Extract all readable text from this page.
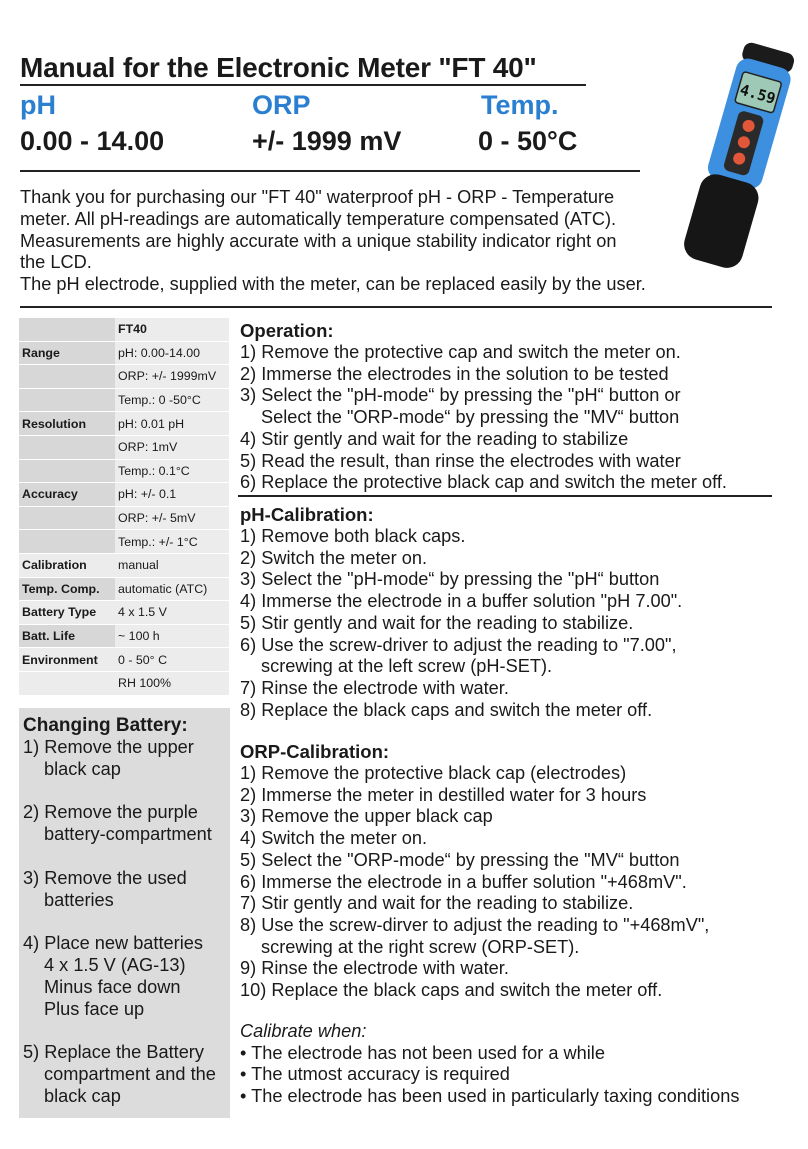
Manual for the Electronic Meter "FT 40"
pH	ORP	Temp.
0.00 - 14.00	+/- 1999 mV	0 - 50°C
4.59

Thank you for purchasing our "FT 40" waterproof pH - ORP - Temperature

meter. All pH-readings are automatically temperature compensated (ATC).

Measurements are highly accurate with a unique stability indicator right on

the LCD.

The pH electrode, supplied with the meter, can be replaced easily by the user.

	FT40
Range	pH: 0.00-14.00
	ORP: +/- 1999mV
	Temp.: 0 -50°C
Resolution	pH: 0.01 pH
	ORP: 1mV
	Temp.: 0.1°C
Accuracy	pH: +/- 0.1
	ORP: +/- 5mV
	Temp.: +/- 1°C
Calibration	manual
Temp. Comp.	automatic (ATC)
Battery Type	4 x 1.5 V
Batt. Life	~ 100 h
Environment	0 - 50° C
	RH 100%
Changing Battery:
1) Remove the upper
black cap
2) Remove the purple
battery-compartment
3) Remove the used
batteries
4) Place new batteries
4 x 1.5 V (AG-13)
Minus face down
Plus face up
5) Replace the Battery
compartment and the
black cap
Operation:
1) Remove the protective cap and switch the meter on.
2) Immerse the electrodes in the solution to be tested
3) Select the "pH-mode“ by pressing the "pH“ button or
Select the "ORP-mode“ by pressing the "MV“ button
4) Stir gently and wait for the reading to stabilize
5) Read the result, than rinse the electrodes with water
6) Replace the protective black cap and switch the meter off.
pH-Calibration:
1) Remove both black caps.
2) Switch the meter on.
3) Select the "pH-mode“ by pressing the "pH“ button
4) Immerse the electrode in a buffer solution "pH 7.00".
5) Stir gently and wait for the reading to stabilize.
6) Use the screw-driver to adjust the reading to "7.00",
screwing at the left screw (pH-SET).
7) Rinse the electrode with water.
8) Replace the black caps and switch the meter off.
ORP-Calibration:
1) Remove the protective black cap (electrodes)
2) Immerse the meter in destilled water for 3 hours
3) Remove the upper black cap
4) Switch the meter on.
5) Select the "ORP-mode“ by pressing the "MV“ button
6) Immerse the electrode in a buffer solution "+468mV".
7) Stir gently and wait for the reading to stabilize.
8) Use the screw-dirver to adjust the reading to "+468mV",
screwing at the right screw (ORP-SET).
9) Rinse the electrode with water.
10) Replace the black caps and switch the meter off.
Calibrate when:
• The electrode has not been used for a while
• The utmost accuracy is required
• The electrode has been used in particularly taxing conditions
